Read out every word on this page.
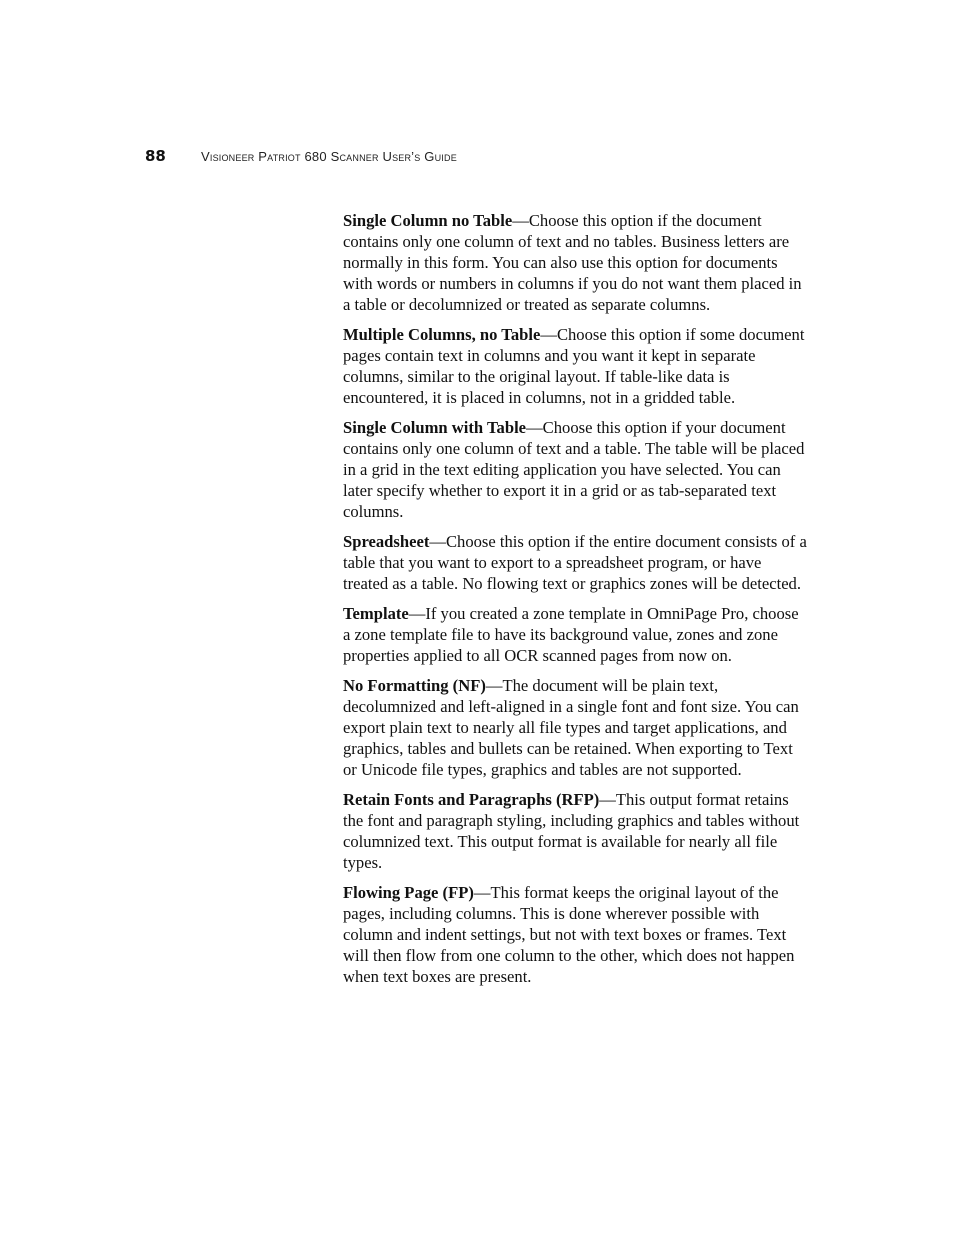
88	Visioneer Patriot 680 Scanner User’s Guide

Single Column no Table—Choose this option if the document contains only one column of text and no tables. Business letters are normally in this form. You can also use this option for documents with words or numbers in columns if you do not want them placed in a table or decolumnized or treated as separate columns.

Multiple Columns, no Table—Choose this option if some document pages contain text in columns and you want it kept in separate columns, similar to the original layout. If table-like data is encountered, it is placed in columns, not in a gridded table.

Single Column with Table—Choose this option if your document contains only one column of text and a table. The table will be placed in a grid in the text editing application you have selected. You can later specify whether to export it in a grid or as tab-separated text columns.

Spreadsheet—Choose this option if the entire document consists of a table that you want to export to a spreadsheet program, or have treated as a table. No flowing text or graphics zones will be detected.

Template—If you created a zone template in OmniPage Pro, choose a zone template file to have its background value, zones and zone properties applied to all OCR scanned pages from now on.

No Formatting (NF)—The document will be plain text, decolumnized and left-aligned in a single font and font size. You can export plain text to nearly all file types and target applications, and graphics, tables and bullets can be retained. When exporting to Text or Unicode file types, graphics and tables are not supported.

Retain Fonts and Paragraphs (RFP)—This output format retains the font and paragraph styling, including graphics and tables without columnized text. This output format is available for nearly all file types.

Flowing Page (FP)—This format keeps the original layout of the pages, including columns. This is done wherever possible with column and indent settings, but not with text boxes or frames. Text will then flow from one column to the other, which does not happen when text boxes are present.
